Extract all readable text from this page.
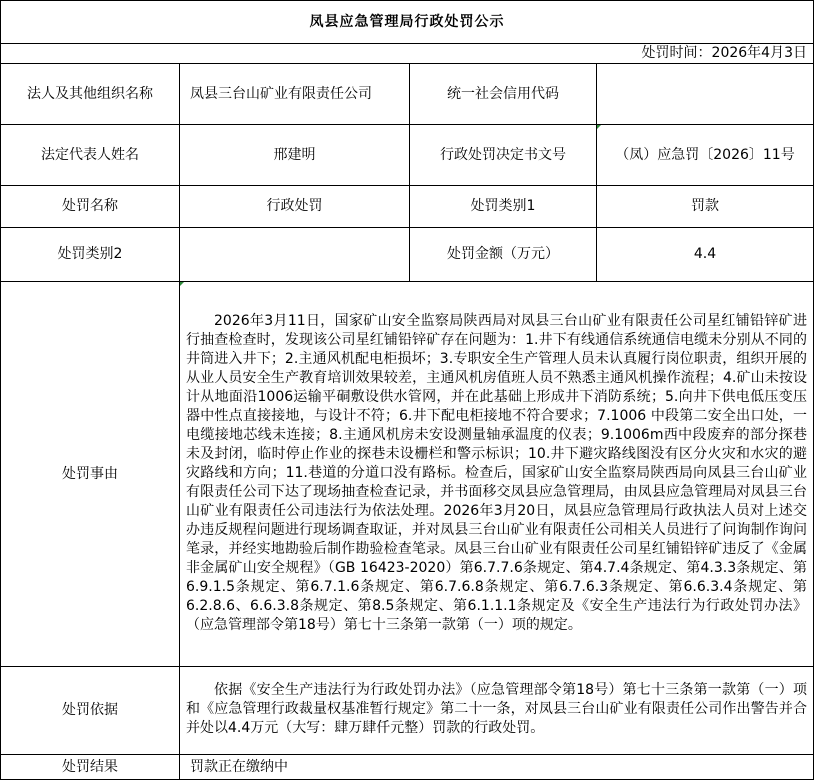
凤县应急管理局行政处罚公示			
处罚时间：2026年4月3日			
法人及其他组织名称	凤县三台山矿业有限责任公司	统一社会信用代码	
法定代表人姓名	邢建明	行政处罚决定书文号	（凤）应急罚〔2026〕11号
处罚名称	行政处罚	处罚类别1	罚款
处罚类别2		处罚金额（万元）	4.4
处罚事由	2026年3月11日，国家矿山安全监察局陕西局对凤县三台山矿业有限责任公司星红铺铅锌矿进行抽查检查时，发现该公司星红铺铅锌矿存在问题为：1.井下有线通信系统通信电缆未分别从不同的井筒进入井下；2.主通风机配电柜损坏；3.专职安全生产管理人员未认真履行岗位职责，组织开展的从业人员安全生产教育培训效果较差，主通风机房值班人员不熟悉主通风机操作流程；4.矿山未按设计从地面沿1006运输平硐敷设供水管网，并在此基础上形成井下消防系统；5.向井下供电低压变压器中性点直接接地，与设计不符；6.井下配电柜接地不符合要求；7.1006 中段第二安全出口处，一电缆接地芯线未连接；8.主通风机房未安设测量轴承温度的仪表；9.1006m西中段废弃的部分探巷未及封闭，临时停止作业的探巷未设栅栏和警示标识；10.井下避灾路线图没有区分火灾和水灾的避灾路线和方向；11.巷道的分道口没有路标。检查后，国家矿山安全监察局陕西局向凤县三台山矿业有限责任公司下达了现场抽查检查记录，并书面移交凤县应急管理局，由凤县应急管理局对凤县三台山矿业有限责任公司违法行为依法处理。2026年3月20日，凤县应急管理局行政执法人员对上述交办违反规程问题进行现场调查取证，并对凤县三台山矿业有限责任公司相关人员进行了问询制作询问笔录，并经实地勘验后制作勘验检查笔录。凤县三台山矿业有限责任公司星红铺铅锌矿违反了《金属非金属矿山安全规程》（GB 16423-2020）第6.7.7.6条规定、第4.7.4条规定、第4.3.3条规定、第6.9.1.5条规定、第6.7.1.6条规定、第6.7.6.8条规定、第6.7.6.3条规定、第6.6.3.4条规定、第6.2.8.6、6.6.3.8条规定、第8.5条规定、第6.1.1.1条规定及《安全生产违法行为行政处罚办法》（应急管理部令第18号）第七十三条第一款第（一）项的规定。		

处罚依据	依据《安全生产违法行为行政处罚办法》（应急管理部令第18号）第七十三条第一款第（一）项和《应急管理行政裁量权基准暂行规定》第二十一条，对凤县三台山矿业有限责任公司作出警告并合并处以4.4万元（大写：肆万肆仟元整）罚款的行政处罚。		

处罚结果	罚款正在缴纳中		
